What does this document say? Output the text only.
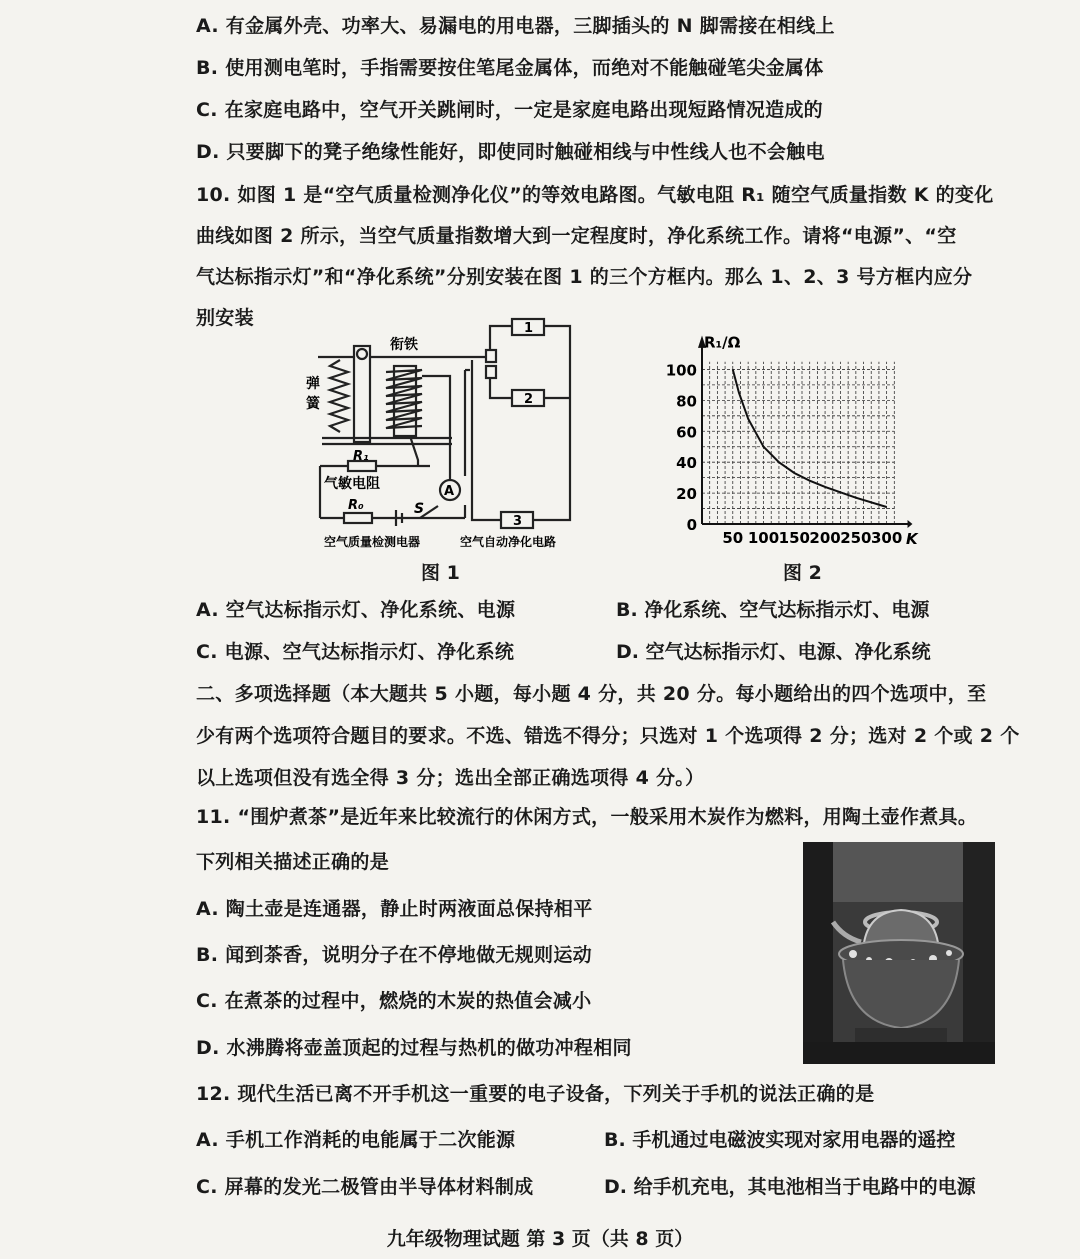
A. 有金属外壳、功率大、易漏电的用电器，三脚插头的 N 脚需接在相线上
B. 使用测电笔时，手指需要按住笔尾金属体，而绝对不能触碰笔尖金属体
C. 在家庭电路中，空气开关跳闸时，一定是家庭电路出现短路情况造成的
D. 只要脚下的凳子绝缘性能好，即使同时触碰相线与中性线人也不会触电
10. 如图 1 是“空气质量检测净化仪”的等效电路图。气敏电阻 R₁ 随空气质量指数 K 的变化
曲线如图 2 所示，当空气质量指数增大到一定程度时，净化系统工作。请将“电源”、“空
气达标指示灯”和“净化系统”分别安装在图 1 的三个方框内。那么 1、2、3 号方框内应分
别安装
衔铁
弹
簧
R₁
气敏电阻
R₀	S
A
1
2
3
空气质量检测电器	空气自动净化电路
图 1
0
20
40
60
80
100
50 100 150 200 250 300
R₁/Ω
K
图 2
A. 空气达标指示灯、净化系统、电源	B. 净化系统、空气达标指示灯、电源
C. 电源、空气达标指示灯、净化系统	D. 空气达标指示灯、电源、净化系统
二、多项选择题（本大题共 5 小题，每小题 4 分，共 20 分。每小题给出的四个选项中，至
少有两个选项符合题目的要求。不选、错选不得分；只选对 1 个选项得 2 分；选对 2 个或 2 个
以上选项但没有选全得 3 分；选出全部正确选项得 4 分。）
11. “围炉煮茶”是近年来比较流行的休闲方式，一般采用木炭作为燃料，用陶土壶作煮具。
下列相关描述正确的是
A. 陶土壶是连通器，静止时两液面总保持相平
B. 闻到茶香，说明分子在不停地做无规则运动
C. 在煮茶的过程中，燃烧的木炭的热值会减小
D. 水沸腾将壶盖顶起的过程与热机的做功冲程相同
12. 现代生活已离不开手机这一重要的电子设备，下列关于手机的说法正确的是
A. 手机工作消耗的电能属于二次能源	B. 手机通过电磁波实现对家用电器的遥控
C. 屏幕的发光二极管由半导体材料制成	D. 给手机充电，其电池相当于电路中的电源
九年级物理试题 第 3 页（共 8 页）
